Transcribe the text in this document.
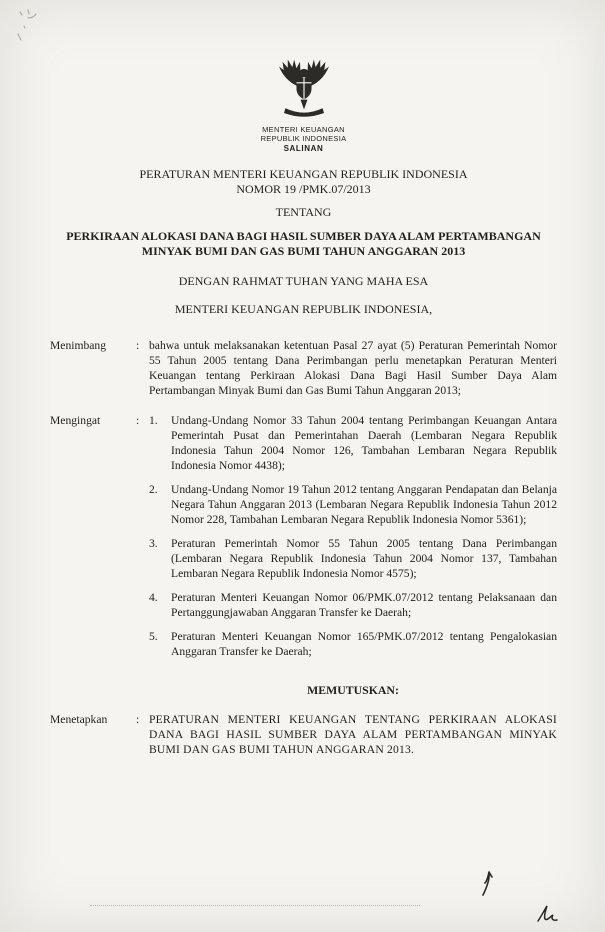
MENTERI KEUANGAN
REPUBLIK INDONESIA
SALINAN
PERATURAN MENTERI KEUANGAN REPUBLIK INDONESIA
NOMOR 19 /PMK.07/2013
TENTANG
PERKIRAAN ALOKASI DANA BAGI HASIL SUMBER DAYA ALAM PERTAMBANGAN MINYAK BUMI DAN GAS BUMI TAHUN ANGGARAN 2013
DENGAN RAHMAT TUHAN YANG MAHA ESA
MENTERI KEUANGAN REPUBLIK INDONESIA,
Menimbang	: bahwa untuk melaksanakan ketentuan Pasal 27 ayat (5) Peraturan Pemerintah Nomor 55 Tahun 2005 tentang Dana Perimbangan perlu menetapkan Peraturan Menteri Keuangan tentang Perkiraan Alokasi Dana Bagi Hasil Sumber Daya Alam Pertambangan Minyak Bumi dan Gas Bumi Tahun Anggaran 2013;
Mengingat	: 1.	Undang-Undang Nomor 33 Tahun 2004 tentang Perimbangan Keuangan Antara Pemerintah Pusat dan Pemerintahan Daerah (Lembaran Negara Republik Indonesia Tahun 2004 Nomor 126, Tambahan Lembaran Negara Republik Indonesia Nomor 4438);
2.	Undang-Undang Nomor 19 Tahun 2012 tentang Anggaran Pendapatan dan Belanja Negara Tahun Anggaran 2013 (Lembaran Negara Republik Indonesia Tahun 2012 Nomor 228, Tambahan Lembaran Negara Republik Indonesia Nomor 5361);
3.	Peraturan Pemerintah Nomor 55 Tahun 2005 tentang Dana Perimbangan (Lembaran Negara Republik Indonesia Tahun 2004 Nomor 137, Tambahan Lembaran Negara Republik Indonesia Nomor 4575);
4.	Peraturan Menteri Keuangan Nomor 06/PMK.07/2012 tentang Pelaksanaan dan Pertanggungjawaban Anggaran Transfer ke Daerah;
5.	Peraturan Menteri Keuangan Nomor 165/PMK.07/2012 tentang Pengalokasian Anggaran Transfer ke Daerah;
MEMUTUSKAN:
Menetapkan	: PERATURAN MENTERI KEUANGAN TENTANG PERKIRAAN ALOKASI DANA BAGI HASIL SUMBER DAYA ALAM PERTAMBANGAN MINYAK BUMI DAN GAS BUMI TAHUN ANGGARAN 2013.
